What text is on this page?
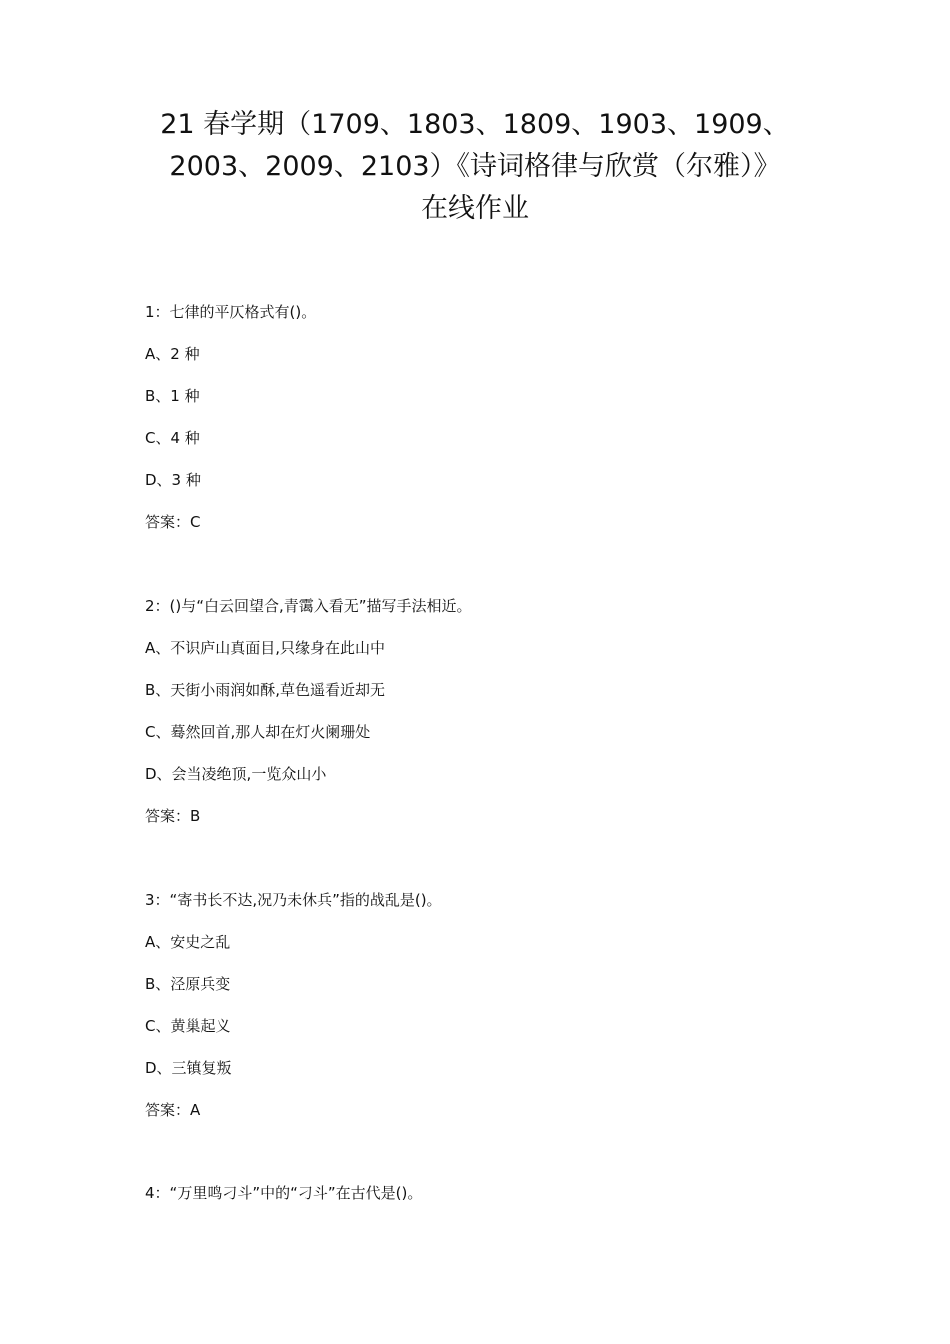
21 春学期（1709、1803、1809、1903、1909、
2003、2009、2103）《诗词格律与欣赏（尔雅）》
在线作业
1：七律的平仄格式有()。
A、2 种
B、1 种
C、4 种
D、3 种
答案：C
2：()与“白云回望合,青霭入看无”描写手法相近。
A、不识庐山真面目,只缘身在此山中
B、天街小雨润如酥,草色遥看近却无
C、蓦然回首,那人却在灯火阑珊处
D、会当凌绝顶,一览众山小
答案：B
3：“寄书长不达,况乃未休兵”指的战乱是()。
A、安史之乱
B、泾原兵变
C、黄巢起义
D、三镇复叛
答案：A
4：“万里鸣刁斗”中的“刁斗”在古代是()。
